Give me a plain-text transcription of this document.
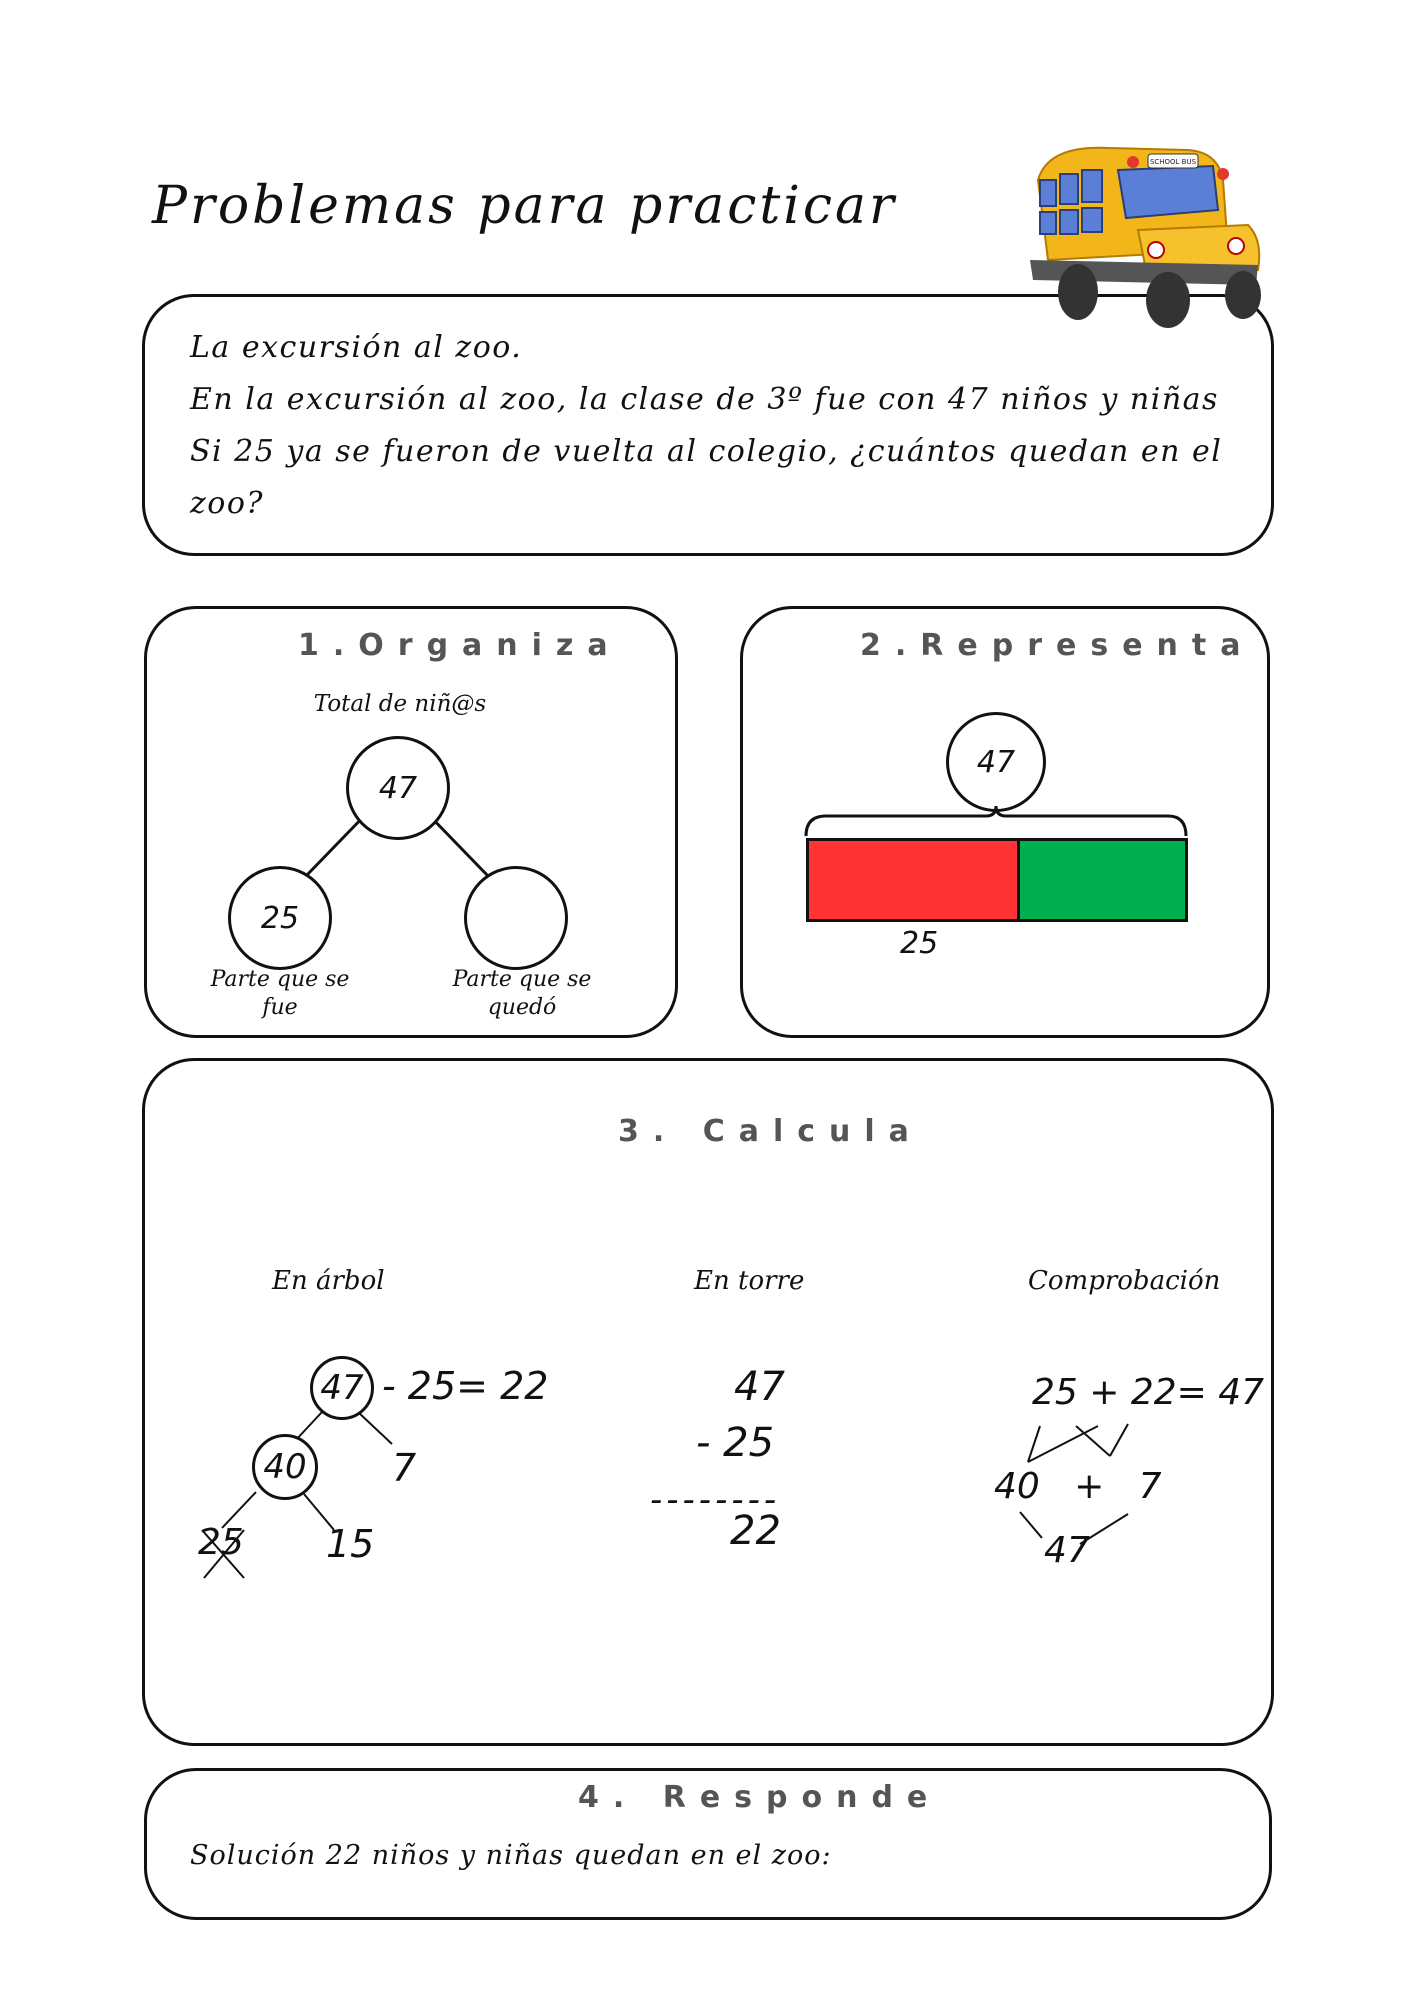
Problemas para practicar
La excursión al zoo.
En la excursión al zoo, la clase de 3º fue con 47 niños y niñas
Si 25 ya se fueron de vuelta al colegio, ¿cuántos quedan en el
zoo?
SCHOOL BUS
1.Organiza
Total de niñ@s
47
25
Parte que se
fue
Parte que se
quedó
2.Representa
47
25
3. Calcula
En árbol	En torre	Comprobación
47 - 25= 22
40 7
25 15
47
- 25
--------
22
25 + 22= 47
40   +   7
47
4. Responde
Solución 22 niños y niñas quedan en el zoo:
